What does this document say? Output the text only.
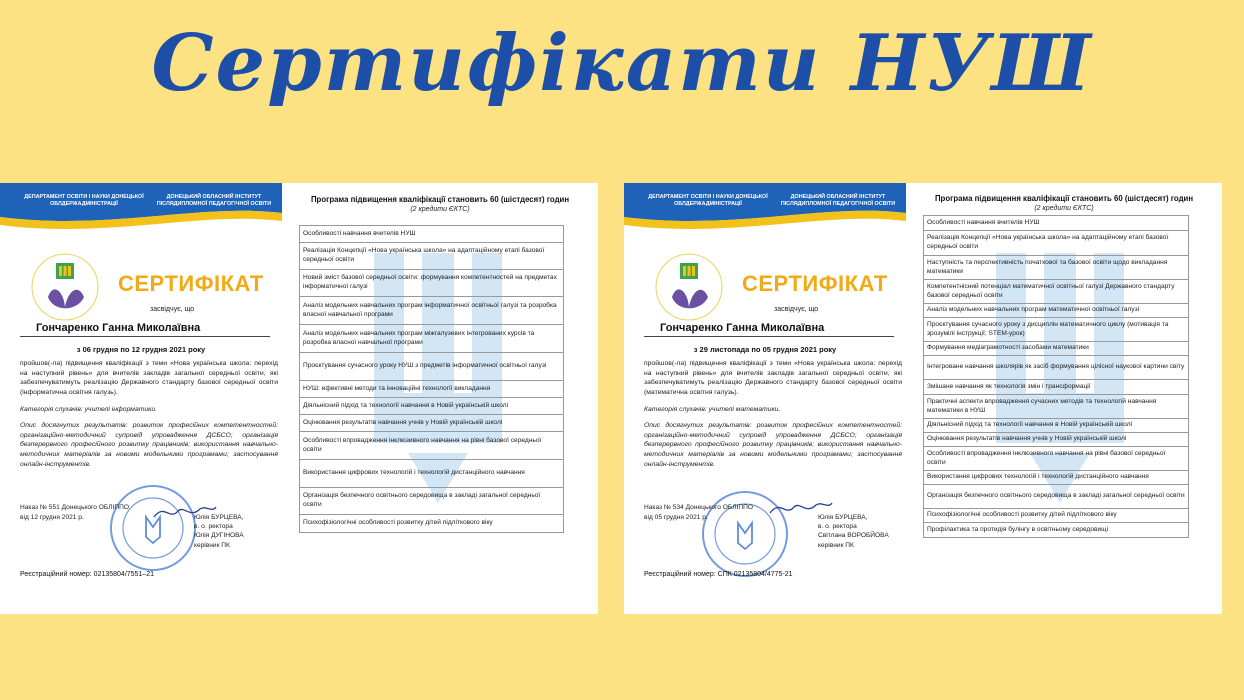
Сертифікати НУШ
ДЕПАРТАМЕНТ ОСВІТИ І НАУКИ ДОНЕЦЬКОЇ ОБЛДЕРЖАДМІНІСТРАЦІЇ
ДОНЕЦЬКИЙ ОБЛАСНИЙ ІНСТИТУТ ПІСЛЯДИПЛОМНОЇ ПЕДАГОГІЧНОЇ ОСВІТИ
СЕРТИФІКАТ
засвідчує, що
Гончаренко Ганна Миколаївна
з 06 грудня по 12 грудня 2021 року

пройшов(-ла) підвищення кваліфікації з теми «Нова українська школа: перехід на наступний рівень» для вчителів закладів загальної середньої освіти, які забезпечуватимуть реалізацію Державного стандарту базової середньої освіти (інформатична освітня галузь).

Категорія слухачів: учителі інформатики.

Опис досягнутих результатів: розвиток професійних компетентностей: організаційно-методичний супровід упровадження ДСБСО; організація безперервного професійного розвитку працівників; використання навчально-методичних матеріалів за новими модельними програмами; застосування онлайн-інструментів.

Наказ № 551 Донецького ОБЛІППО
від 12 грудня 2021 р.	Юлія БУРЦЕВА,
в. о. ректора
Юлія ДУГІНОВА
керівник ПК
Реєстраційний номер: 02135804/7551–21
Програма підвищення кваліфікації становить 60 (шістдесят) годин
(2 кредити ЄКТС)
Особливості навчання вчителів НУШ
Реалізація Концепції «Нова українська школа» на адаптаційному етапі базової середньої освіти
Новий зміст базової середньої освіти: формування компетентностей на предметах інформатичної галузі
Аналіз модельних навчальних програм інформатичної освітньої галузі та розробка власної навчальної програми
Аналіз модельних навчальних програм міжгалузевих інтегрованих курсів та розробка власної навчальної програми
Проєктування сучасного уроку НУШ з предметів інформатичної освітньої галузі
НУШ: ефективні методи та інноваційні технології викладання
Діяльнісний підхід та технології навчання в Новій українській школі
Оцінювання результатів навчання учнів у Новій українській школі
Особливості впровадження інклюзивного навчання на рівні базової середньої освіти
Використання цифрових технологій і технологій дистанційного навчання
Організація безпечного освітнього середовища в закладі загальної середньої освіти
Психофізіологічні особливості розвитку дітей підліткового віку
ДЕПАРТАМЕНТ ОСВІТИ І НАУКИ ДОНЕЦЬКОЇ ОБЛДЕРЖАДМІНІСТРАЦІЇ
ДОНЕЦЬКИЙ ОБЛАСНИЙ ІНСТИТУТ ПІСЛЯДИПЛОМНОЇ ПЕДАГОГІЧНОЇ ОСВІТИ
СЕРТИФІКАТ
засвідчує, що
Гончаренко Ганна Миколаївна
з 29 листопада по 05 грудня 2021 року

пройшов(-ла) підвищення кваліфікації з теми «Нова українська школа: перехід на наступний рівень» для вчителів закладів загальної середньої освіти, які забезпечуватимуть реалізацію Державного стандарту базової середньої освіти (математична освітня галузь).

Категорія слухачів: учителі математики.

Опис досягнутих результатів: розвиток професійних компетентностей: організаційно-методичний супровід упровадження ДСБСО; організація безперервного професійного розвитку працівників; використання навчально-методичних матеріалів за новими модельними програмами; застосування онлайн-інструментів.

Наказ № 534 Донецького ОБЛІППО
від 05 грудня 2021 р.	Юлія БУРЦЕВА,
в. о. ректора
Світлана ВОРОБЙОВА
керівник ПК
Реєстраційний номер: СПК 02135804/4775-21
Програма підвищення кваліфікації становить 60 (шістдесят) годин
(2 кредити ЄКТС)
Особливості навчання вчителів НУШ
Реалізація Концепції «Нова українська школа» на адаптаційному етапі базової середньої освіти
Наступність та перспективність початкової та базової освіти щодо викладання математики
Компетентнісний потенціал математичної освітньої галузі Державного стандарту базової середньої освіти
Аналіз модельних навчальних програм математичної освітньої галузі
Проєктування сучасного уроку з дисциплін математичного циклу (мотивація та зрозумілі інструкції; STEM-урок)
Формування медіаграмотності засобами математики
Інтегроване навчання школярів як засіб формування цілісної наукової картини світу
Змішане навчання як технологія змін і трансформації
Практичні аспекти впровадження сучасних методів та технологій навчання математики в НУШ
Діяльнісний підхід та технології навчання в Новій українській школі
Оцінювання результатів навчання учнів у Новій українській школі
Особливості впровадження інклюзивного навчання на рівні базової середньої освіти
Використання цифрових технологій і технологій дистанційного навчання
Організація безпечного освітнього середовища в закладі загальної середньої освіти
Психофізіологічні особливості розвитку дітей підліткового віку
Профілактика та протидія булінгу в освітньому середовищі
